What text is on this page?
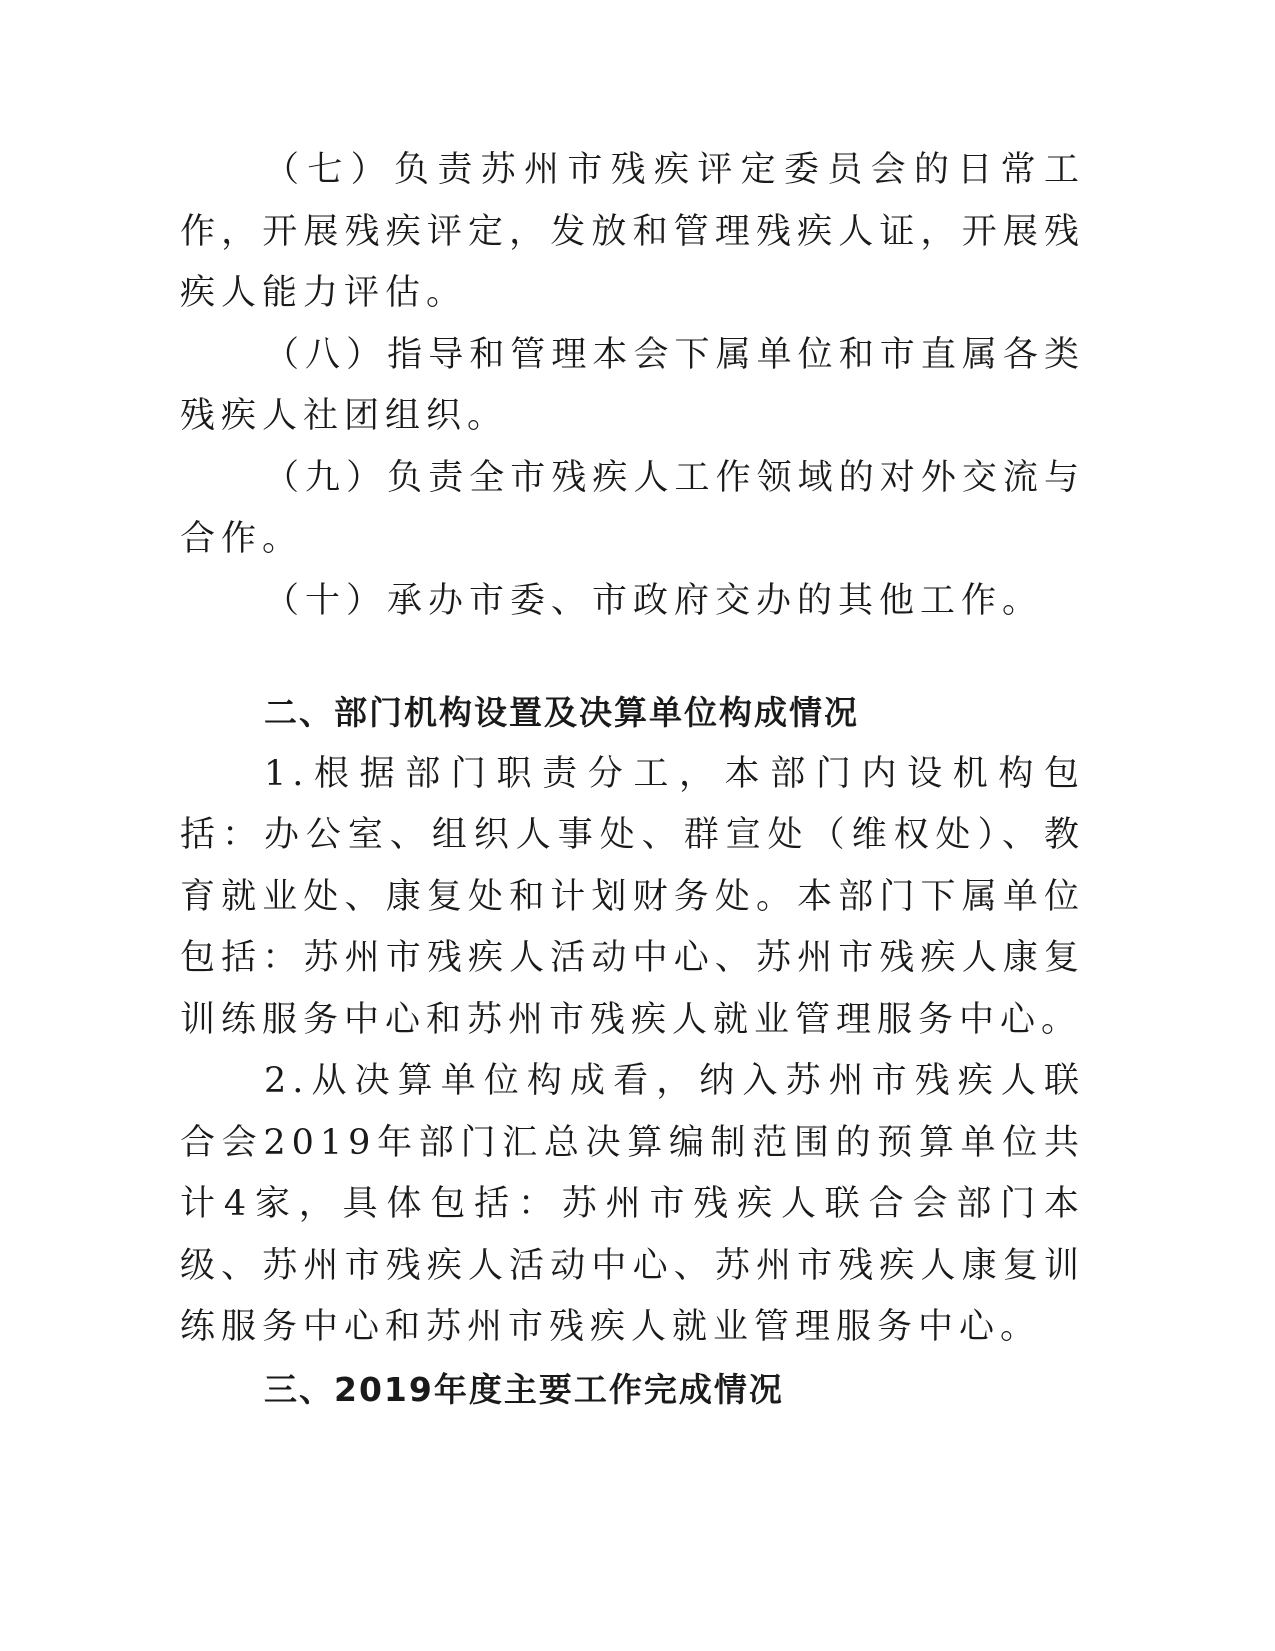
（七）负责苏州市残疾评定委员会的日常工作，开展残疾评定，发放和管理残疾人证，开展残疾人能力评估。

（八）指导和管理本会下属单位和市直属各类残疾人社团组织。

（九）负责全市残疾人工作领域的对外交流与合作。

（十）承办市委、市政府交办的其他工作。

二、部门机构设置及决算单位构成情况

1.根据部门职责分工，本部门内设机构包括：办公室、组织人事处、群宣处（维权处）、教育就业处、康复处和计划财务处。本部门下属单位包括：苏州市残疾人活动中心、苏州市残疾人康复训练服务中心和苏州市残疾人就业管理服务中心。

2.从决算单位构成看，纳入苏州市残疾人联合会2019年部门汇总决算编制范围的预算单位共计4家，具体包括：苏州市残疾人联合会部门本级、苏州市残疾人活动中心、苏州市残疾人康复训练服务中心和苏州市残疾人就业管理服务中心。

三、2019年度主要工作完成情况
